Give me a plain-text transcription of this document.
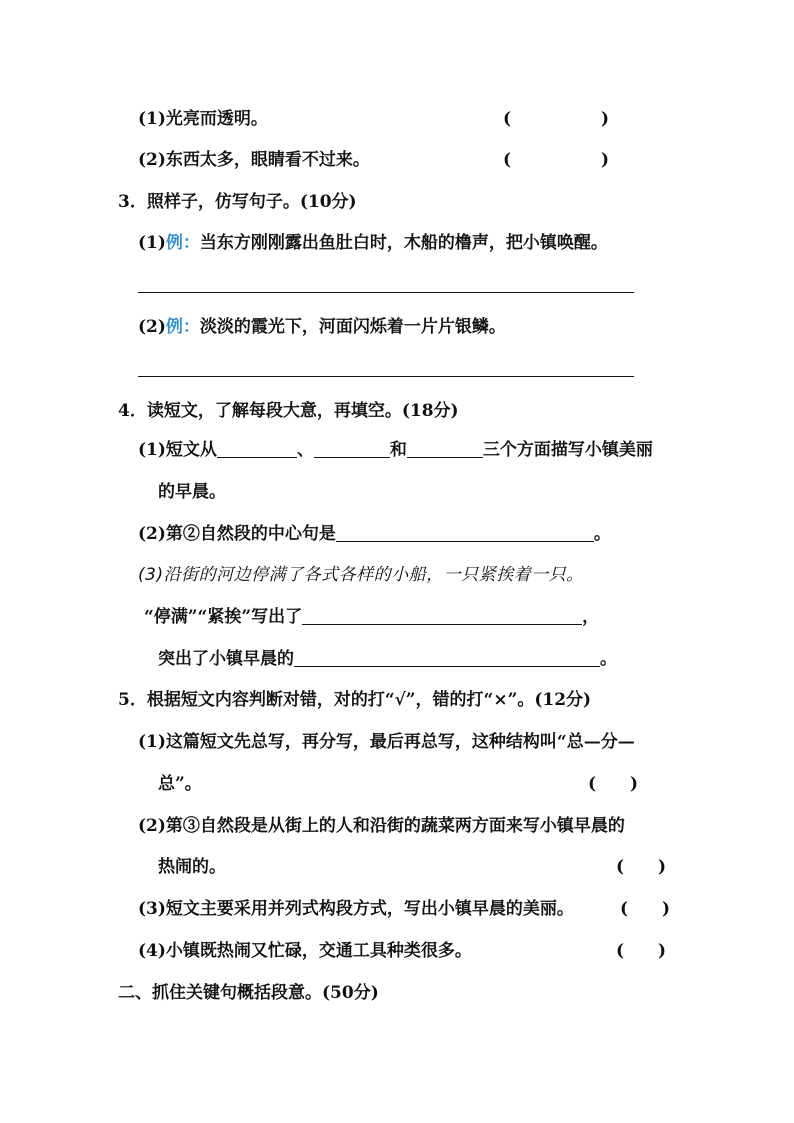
(1)光亮而透明。	(	)
(2)东西太多，眼睛看不过来。	(	)
3．照样子，仿写句子。(10分)
(1)例：当东方刚刚露出鱼肚白时，木船的橹声，把小镇唤醒。
(2)例：淡淡的霞光下，河面闪烁着一片片银鳞。
4．读短文，了解每段大意，再填空。(18分)
(1)短文从	、	和	三个方面描写小镇美丽
的早晨。
(2)第②自然段的中心句是	。
(3)沿街的河边停满了各式各样的小船，一只紧挨着一只。
“停满”“紧挨”写出了	，
突出了小镇早晨的	。
5．根据短文内容判断对错，对的打“√”，错的打“×”。(12分)
(1)这篇短文先总写，再分写，最后再总写，这种结构叫“总—分—
总”。	(　　)
(2)第③自然段是从街上的人和沿街的蔬菜两方面来写小镇早晨的
热闹的。	(　　)
(3)短文主要采用并列式构段方式，写出小镇早晨的美丽。	(　　)
(4)小镇既热闹又忙碌，交通工具种类很多。	(　　)
二、抓住关键句概括段意。(50分)
